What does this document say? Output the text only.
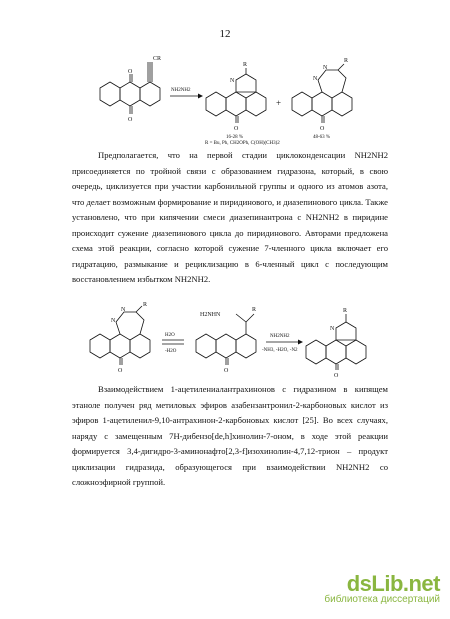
12
CR
O
O
NH2NH2
N
R
O
16-28 %
+
N
N
R
O
48-63 %
R = Bu, Ph, CH2OPh, C(OH)(CH3)2
Предполагается, что на первой стадии циклоконденсации NH2NH2 присоединяется по тройной связи с образованием гидразона, который, в свою очередь, циклизуется при участии карбонильной группы и одного из атомов азота, что делает возможным формирование и пиридинового, и диазепинового цикла. Также установлено, что при кипячении смеси диазепинантрона с NH2NH2 в пиридине происходит сужение диазепинового цикла до пиридинового. Авторами предложена схема этой реакции, согласно которой сужение 7-членного цикла включает его гидратацию, размыкание и рециклизацию в 6-членный цикл с последующим восстановлением избытком NH2NH2.
N
N
R
O
H2O
-H2O
H2NHN
R
O
NH2NH2
-NH3, -H2O, -N2
N
R
O
Взаимодействием 1-ацетилениалантрахинонов с гидразином в кипящем этаноле получен ряд метиловых эфиров азабензантронил-2-карбоновых кислот из эфиров 1-ацетиленил-9,10-антрахинон-2-карбоновых кислот [25]. Во всех случаях, наряду с замещенным 7H-дибензо[de,h]хинолин-7-оном, в ходе этой реакции формируется 3,4-дигидро-3-аминонафто[2,3-f]изохинолин-4,7,12-трион – продукт циклизации гидразида, образующегося при взаимодействии NH2NH2 со сложноэфирной группой.
dsLib.net
библиотека диссертаций
